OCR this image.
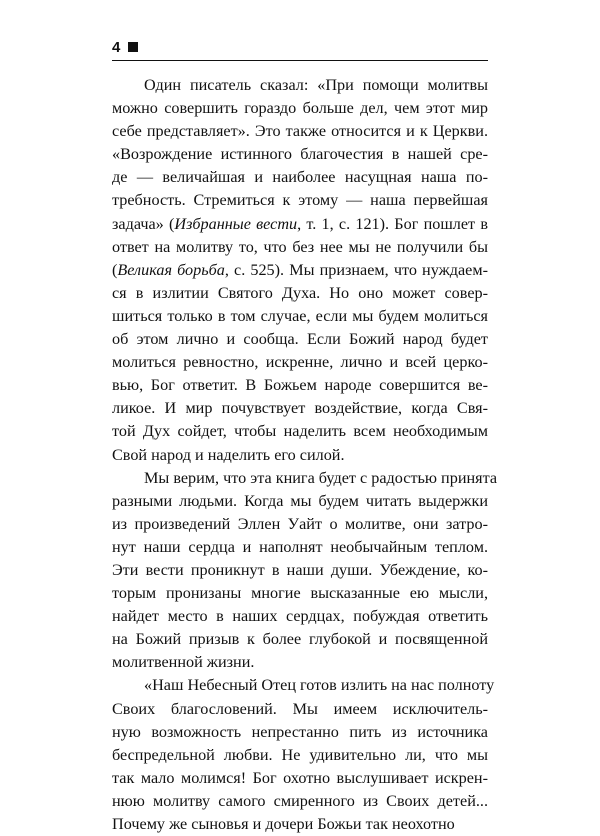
4
Один писатель сказал: «При помощи молитвы
можно совершить гораздо больше дел, чем этот мир
себе представляет». Это также относится и к Церкви.
«Возрождение истинного благочестия в нашей сре-
де — величайшая и наиболее насущная наша по-
требность. Стремиться к этому — наша первейшая
задача» (Избранные вести, т. 1, с. 121). Бог пошлет в
ответ на молитву то, что без нее мы не получили бы
(Великая борьба, с. 525). Мы признаем, что нуждаем-
ся в излитии Святого Духа. Но оно может совер-
шиться только в том случае, если мы будем молиться
об этом лично и сообща. Если Божий народ будет
молиться ревностно, искренне, лично и всей церко-
вью, Бог ответит. В Божьем народе совершится ве-
ликое. И мир почувствует воздействие, когда Свя-
той Дух сойдет, чтобы наделить всем необходимым
Свой народ и наделить его силой.
Мы верим, что эта книга будет с радостью принята
разными людьми. Когда мы будем читать выдержки
из произведений Эллен Уайт о молитве, они затро-
нут наши сердца и наполнят необычайным теплом.
Эти вести проникнут в наши души. Убеждение, ко-
торым пронизаны многие высказанные ею мысли,
найдет место в наших сердцах, побуждая ответить
на Божий призыв к более глубокой и посвященной
молитвенной жизни.
«Наш Небесный Отец готов излить на нас полноту
Своих благословений. Мы имеем исключитель-
ную возможность непрестанно пить из источника
беспредельной любви. Не удивительно ли, что мы
так мало молимся! Бог охотно выслушивает искрен-
нюю молитву самого смиренного из Своих детей...
Почему же сыновья и дочери Божьи так неохотно
